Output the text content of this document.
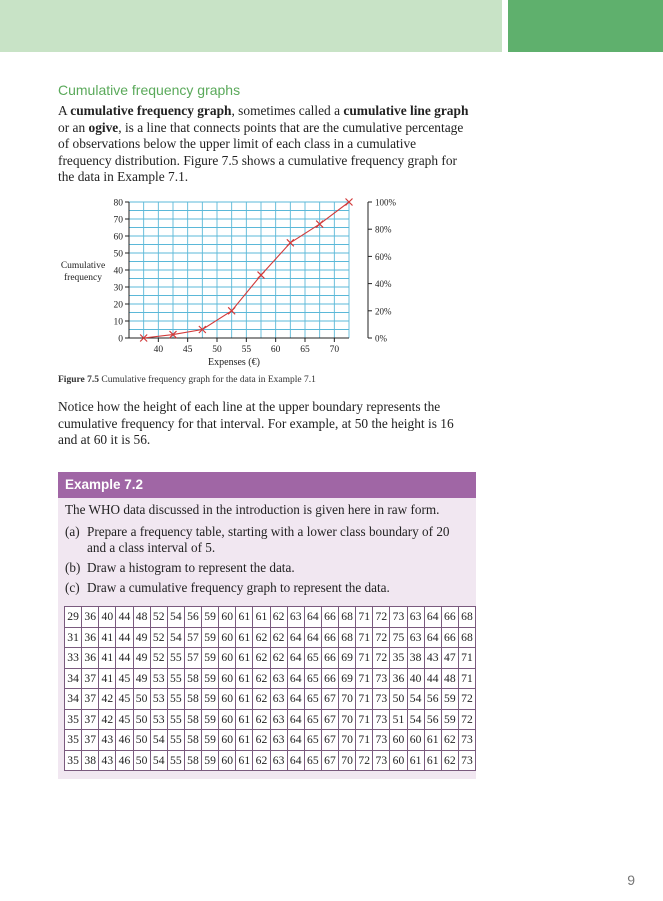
Cumulative frequency graphs
A cumulative frequency graph, sometimes called a cumulative line graph or an ogive, is a line that connects points that are the cumulative percentage of observations below the upper limit of each class in a cumulative frequency distribution. Figure 7.5 shows a cumulative frequency graph for the data in Example 7.1.
0
10
20
30
40
50
60
70
80
40 45 50 55 60 65 70
0%
20%
40%
60%
80%
100%
Expenses (€)
Cumulative
frequency
Figure 7.5 Cumulative frequency graph for the data in Example 7.1
Notice how the height of each line at the upper boundary represents the cumulative frequency for that interval. For example, at 50 the height is 16 and at 60 it is 56.
Example 7.2
The WHO data discussed in the introduction is given here in raw form.
(a) Prepare a frequency table, starting with a lower class boundary of 20 and a class interval of 5.
(b) Draw a histogram to represent the data.
(c) Draw a cumulative frequency graph to represent the data.
29	36	40	44	48	52	54	56	59	60	61	61	62	63	64	66	68	71	72	73	63	64	66	68
31	36	41	44	49	52	54	57	59	60	61	62	62	64	64	66	68	71	72	75	63	64	66	68
33	36	41	44	49	52	55	57	59	60	61	62	62	64	65	66	69	71	72	35	38	43	47	71
34	37	41	45	49	53	55	58	59	60	61	62	63	64	65	66	69	71	73	36	40	44	48	71
34	37	42	45	50	53	55	58	59	60	61	62	63	64	65	67	70	71	73	50	54	56	59	72
35	37	42	45	50	53	55	58	59	60	61	62	63	64	65	67	70	71	73	51	54	56	59	72
35	37	43	46	50	54	55	58	59	60	61	62	63	64	65	67	70	71	73	60	60	61	62	73
35	38	43	46	50	54	55	58	59	60	61	62	63	64	65	67	70	72	73	60	61	61	62	73
9
